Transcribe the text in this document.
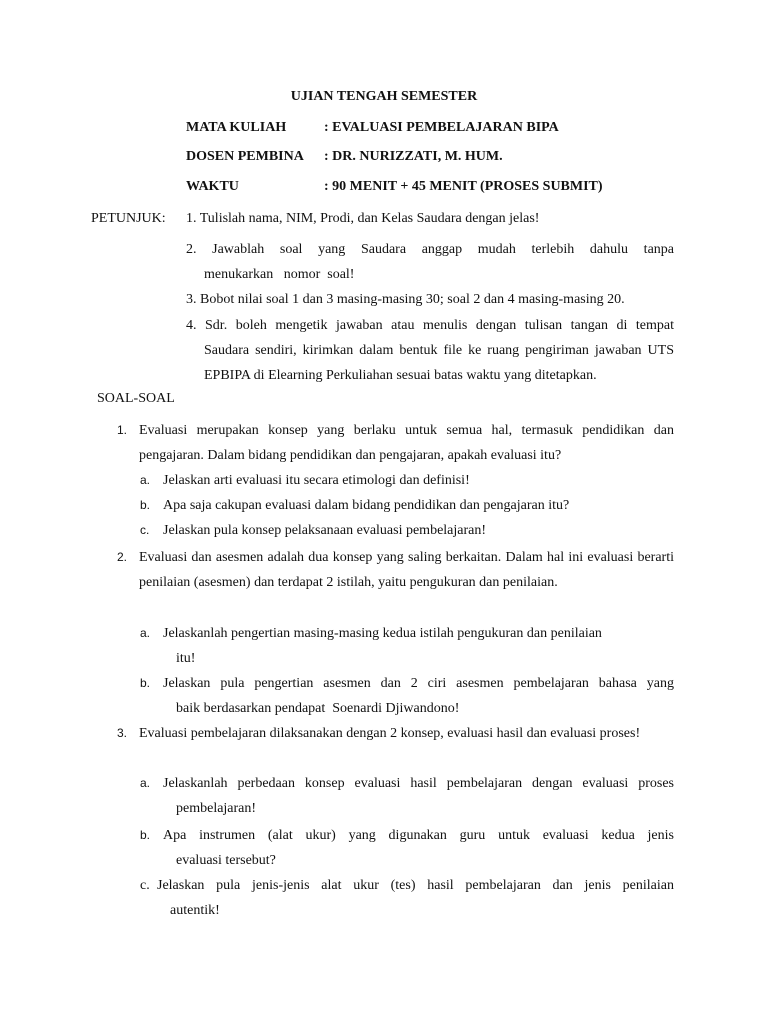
UJIAN TENGAH SEMESTER
MATA KULIAH	: EVALUASI PEMBELAJARAN BIPA
DOSEN PEMBINA : DR. NURIZZATI, M. HUM.
WAKTU	: 90 MENIT + 45 MENIT (PROSES SUBMIT)
PETUNJUK: 1. Tulislah nama, NIM, Prodi, dan Kelas Saudara dengan jelas!
2. Jawablah soal yang Saudara anggap mudah terlebih dahulu tanpa
menukarkan   nomor  soal!
3. Bobot nilai soal 1 dan 3 masing-masing 30; soal 2 dan 4 masing-masing 20.
4. Sdr. boleh mengetik jawaban atau menulis dengan tulisan tangan di tempat
Saudara sendiri, kirimkan dalam bentuk file ke ruang pengiriman jawaban UTS EPBIPA di Elearning Perkuliahan sesuai batas waktu yang ditetapkan.
SOAL-SOAL
1. Evaluasi merupakan konsep yang berlaku untuk semua hal, termasuk pendidikan dan pengajaran. Dalam bidang pendidikan dan pengajaran, apakah evaluasi itu?
a. Jelaskan arti evaluasi itu secara etimologi dan definisi!
b. Apa saja cakupan evaluasi dalam bidang pendidikan dan pengajaran itu?
c. Jelaskan pula konsep pelaksanaan evaluasi pembelajaran!
2. Evaluasi dan asesmen adalah dua konsep yang saling berkaitan. Dalam hal ini evaluasi berarti penilaian (asesmen) dan terdapat 2 istilah, yaitu pengukuran dan penilaian.
a. Jelaskanlah pengertian masing-masing kedua istilah pengukuran dan penilaian
itu!
b. Jelaskan pula pengertian asesmen dan 2 ciri asesmen pembelajaran bahasa yang
baik berdasarkan pendapat  Soenardi Djiwandono!
3. Evaluasi pembelajaran dilaksanakan dengan 2 konsep, evaluasi hasil dan evaluasi proses!
a. Jelaskanlah perbedaan konsep evaluasi hasil pembelajaran dengan evaluasi proses
pembelajaran!
b. Apa instrumen (alat ukur) yang digunakan guru untuk evaluasi kedua jenis
evaluasi tersebut?
c. Jelaskan pula jenis-jenis alat ukur (tes) hasil pembelajaran dan jenis penilaian
autentik!
